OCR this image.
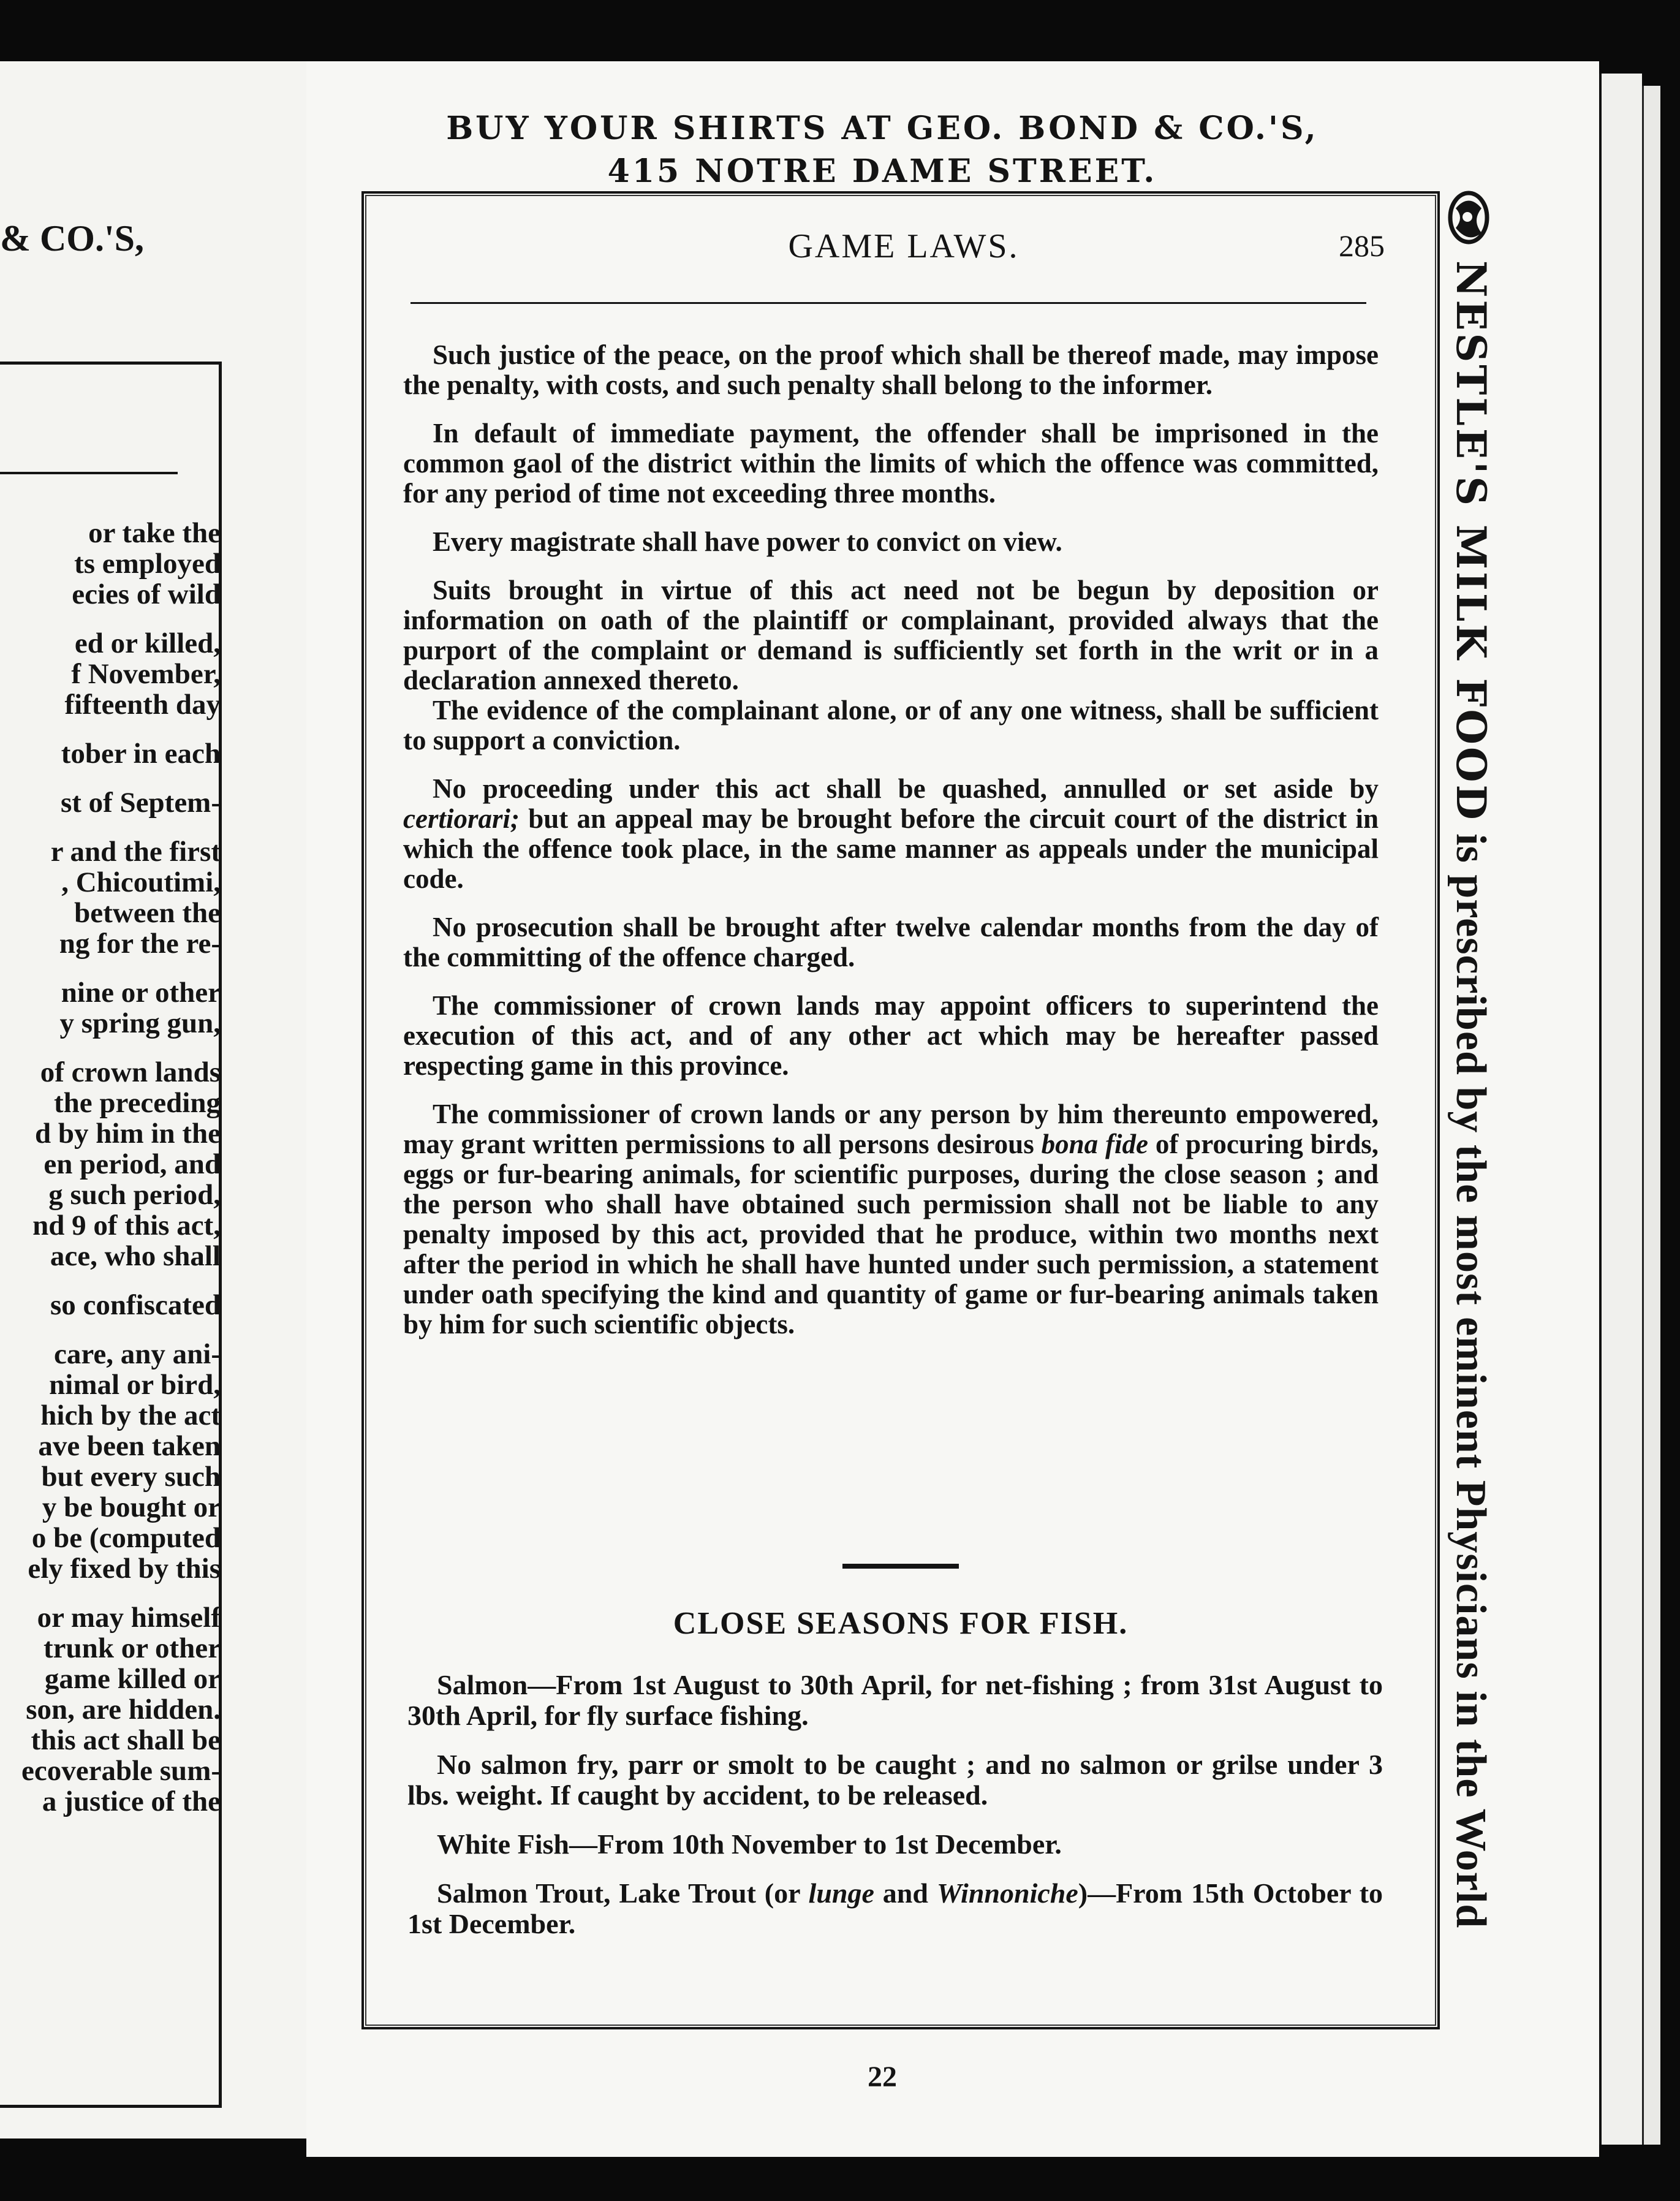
& CO.'S,
or take the
ts employed
ecies of wild
ed or killed,
f November,
fifteenth day
tober in each
st of Septem-
r and the first
, Chicoutimi,
between the
ng for the re-
nine or other
y spring gun,
of crown lands
the preceding
d by him in the
en period, and
g such period,
nd 9 of this act,
ace, who shall
so confiscated
care, any ani-
nimal or bird,
hich by the act
ave been taken
but every such
y be bought or
o be (computed
ely fixed by this
or may himself
trunk or other
game killed or
son, are hidden.
this act shall be
ecoverable sum-
a justice of the
BUY YOUR SHIRTS AT GEO. BOND & CO.'S,
415 NOTRE DAME STREET.
GAME LAWS.	285

Such justice of the peace, on the proof which shall be thereof made, may impose the penalty, with costs, and such penalty shall belong to the informer.

In default of immediate payment, the offender shall be imprisoned in the common gaol of the district within the limits of which the offence was committed, for any period of time not exceeding three months.

Every magistrate shall have power to convict on view.

Suits brought in virtue of this act need not be begun by deposition or information on oath of the plaintiff or complainant, provided always that the purport of the complaint or demand is sufficiently set forth in the writ or in a declaration annexed thereto.

The evidence of the complainant alone, or of any one witness, shall be sufficient to support a conviction.

No proceeding under this act shall be quashed, annulled or set aside by certiorari; but an appeal may be brought before the circuit court of the district in which the offence took place, in the same manner as appeals under the municipal code.

No prosecution shall be brought after twelve calendar months from the day of the committing of the offence charged.

The commissioner of crown lands may appoint officers to superintend the execution of this act, and of any other act which may be hereafter passed respecting game in this province.

The commissioner of crown lands or any person by him thereunto empowered, may grant written permissions to all persons desirous bona fide of procuring birds, eggs or fur-bearing animals, for scientific purposes, during the close season ; and the person who shall have obtained such permission shall not be liable to any penalty imposed by this act, provided that he produce, within two months next after the period in which he shall have hunted under such permission, a statement under oath specifying the kind and quantity of game or fur-bearing animals taken by him for such scientific objects.

CLOSE SEASONS FOR FISH.

Salmon—From 1st August to 30th April, for net-fishing ; from 31st August to 30th April, for fly surface fishing.

No salmon fry, parr or smolt to be caught ; and no salmon or grilse under 3 lbs. weight. If caught by accident, to be released.

White Fish—From 10th November to 1st December.

Salmon Trout, Lake Trout (or lunge and Winnoniche)—From 15th October to 1st December.

22
NESTLE'S MILK FOOD is prescribed by the most eminent Physicians in the World
